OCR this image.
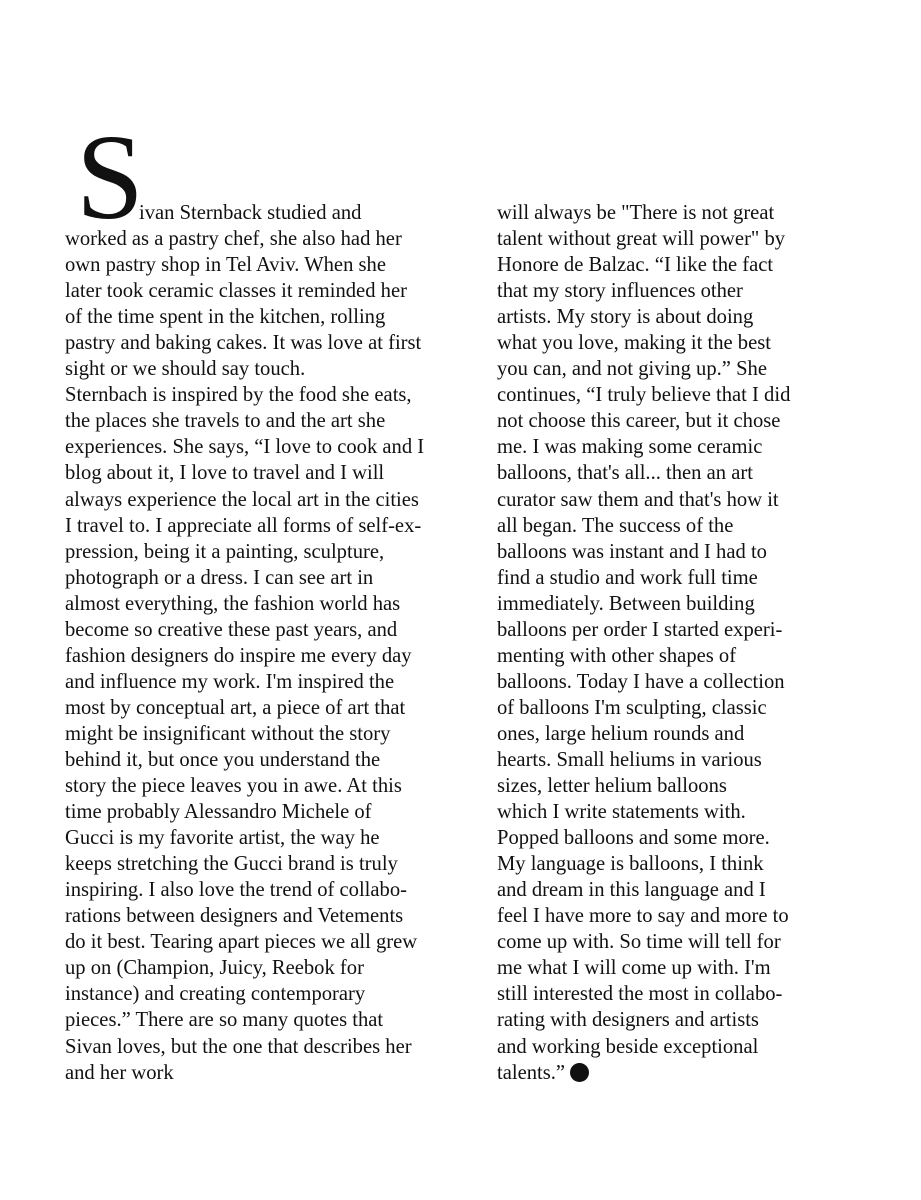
S
ivan Sternback studied and
worked as a pastry chef, she also had her
own pastry shop in Tel Aviv. When she
later took ceramic classes it reminded her
of the time spent in the kitchen, rolling
pastry and baking cakes. It was love at first
sight or we should say touch.
Sternbach is inspired by the food she eats,
the places she travels to and the art she
experiences. She says, “I love to cook and I
blog about it, I love to travel and I will
always experience the local art in the cities
I travel to. I appreciate all forms of self-ex-
pression, being it a painting, sculpture,
photograph or a dress. I can see art in
almost everything, the fashion world has
become so creative these past years, and
fashion designers do inspire me every day
and influence my work. I'm inspired the
most by conceptual art, a piece of art that
might be insignificant without the story
behind it, but once you understand the
story the piece leaves you in awe. At this
time probably Alessandro Michele of
Gucci is my favorite artist, the way he
keeps stretching the Gucci brand is truly
inspiring. I also love the trend of collabo-
rations between designers and Vetements
do it best. Tearing apart pieces we all grew
up on (Champion, Juicy, Reebok for
instance) and creating contemporary
pieces.” There are so many quotes that
Sivan loves, but the one that describes her
and her work
will always be "There is not great
talent without great will power" by
Honore de Balzac. “I like the fact
that my story influences other
artists. My story is about doing
what you love, making it the best
you can, and not giving up.” She
continues, “I truly believe that I did
not choose this career, but it chose
me. I was making some ceramic
balloons, that's all... then an art
curator saw them and that's how it
all began. The success of the
balloons was instant and I had to
find a studio and work full time
immediately. Between building
balloons per order I started experi-
menting with other shapes of
balloons. Today I have a collection
of balloons I'm sculpting, classic
ones, large helium rounds and
hearts. Small heliums in various
sizes, letter helium balloons
which I write statements with.
Popped balloons and some more.
My language is balloons, I think
and dream in this language and I
feel I have more to say and more to
come up with. So time will tell for
me what I will come up with. I'm
still interested the most in collabo-
rating with designers and artists
and working beside exceptional
talents.”
